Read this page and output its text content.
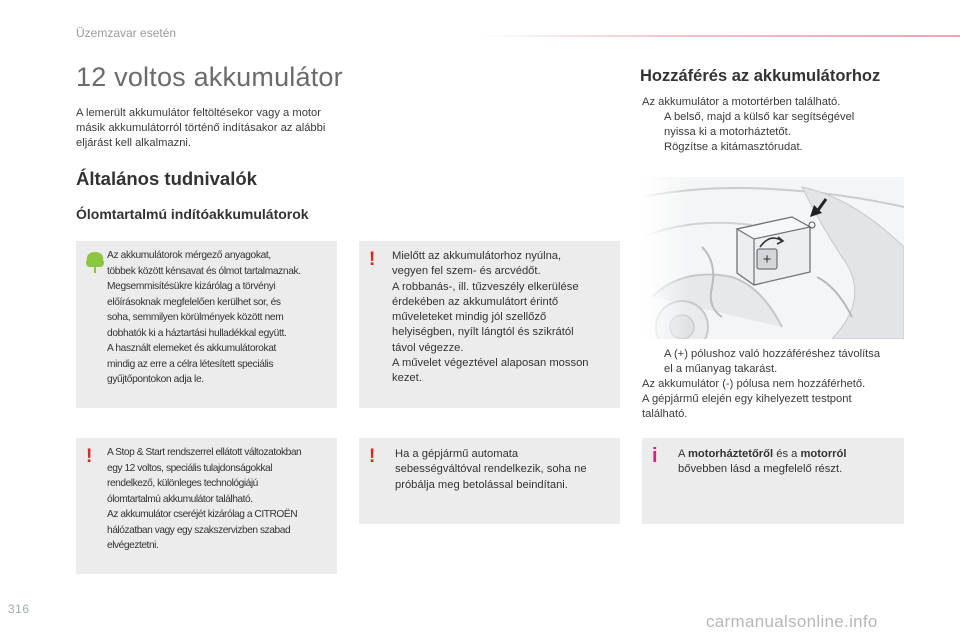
Üzemzavar esetén
12 voltos akkumulátor
A lemerült akkumulátor feltöltésekor vagy a motor másik akkumulátorról történő indításakor az alábbi eljárást kell alkalmazni.
Általános tudnivalók
Ólomtartalmú indítóakkumulátorok
Az akkumulátorok mérgező anyagokat,
többek között kénsavat és ólmot tartalmaznak.
Megsemmisítésükre kizárólag a törvényi
előírásoknak megfelelően kerülhet sor, és
soha, semmilyen körülmények között nem
dobhatók ki a háztartási hulladékkal együtt.
A használt elemeket és akkumulátorokat
mindig az erre a célra létesített speciális
gyűjtőpontokon adja le.
! Mielőtt az akkumulátorhoz nyúlna,
vegyen fel szem- és arcvédőt.
A robbanás-, ill. tűzveszély elkerülése
érdekében az akkumulátort érintő
műveleteket mindig jól szellőző
helyiségben, nyílt lángtól és szikrától
távol végezze.
A művelet végeztével alaposan mosson
kezet.
! A Stop & Start rendszerrel ellátott változatokban
egy 12 voltos, speciális tulajdonságokkal
rendelkező, különleges technológiájú
ólomtartalmú akkumulátor található.
Az akkumulátor cseréjét kizárólag a CITROËN
hálózatban vagy egy szakszervizben szabad
elvégeztetni.
! Ha a gépjármű automata
sebességváltóval rendelkezik, soha ne
próbálja meg betolással beindítani.
i A motorháztetőről és a motorról
bővebben lásd a megfelelő részt.
Hozzáférés az akkumulátorhoz
Az akkumulátor a motortérben található.
A belső, majd a külső kar segítségével
nyissa ki a motorháztetőt.
Rögzítse a kitámasztórudat.
A (+) pólushoz való hozzáféréshez távolítsa
el a műanyag takarást.
Az akkumulátor (-) pólusa nem hozzáférhető.
A gépjármű elején egy kihelyezett testpont
található.
316
carmanualsonline.info
